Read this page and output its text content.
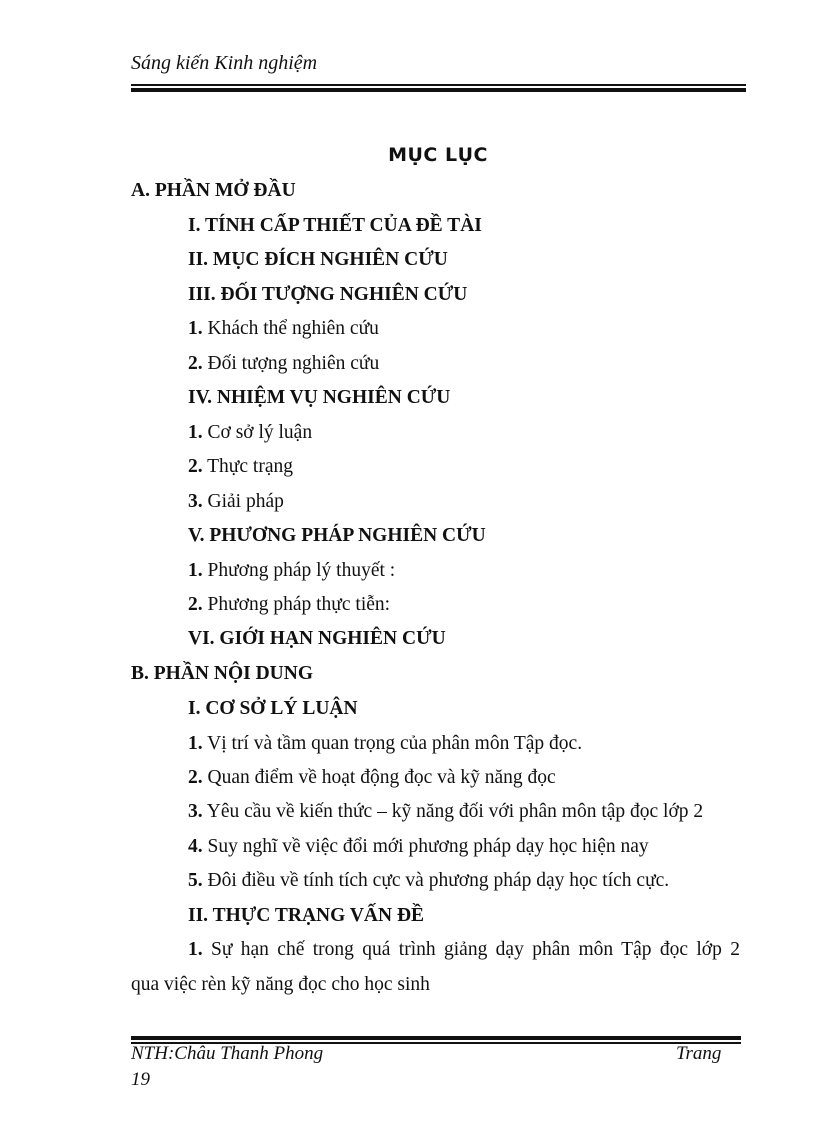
Sáng kiến Kinh nghiệm
MỤC LỤC
A. PHẦN MỞ ĐẦU
I. TÍNH CẤP THIẾT CỦA ĐỀ TÀI
II. MỤC ĐÍCH NGHIÊN CỨU
III. ĐỐI TƯỢNG NGHIÊN CỨU
1. Khách thể nghiên cứu
2. Đối tượng nghiên cứu
IV. NHIỆM VỤ NGHIÊN CỨU
1. Cơ sở lý luận
2. Thực trạng
3. Giải pháp
V. PHƯƠNG PHÁP NGHIÊN CỨU
1. Phương pháp lý thuyết :
2. Phương pháp thực tiễn:
VI. GIỚI HẠN NGHIÊN CỨU
B. PHẦN NỘI DUNG
I. CƠ SỞ LÝ LUẬN
1. Vị trí và tầm quan trọng của phân môn Tập đọc.
2. Quan điểm về hoạt động đọc và kỹ năng đọc
3. Yêu cầu về kiến thức – kỹ năng đối với phân môn tập đọc lớp 2
4. Suy nghĩ về việc đổi mới phương pháp dạy học hiện nay
5. Đôi điều về tính tích cực và phương pháp dạy học tích cực.
II. THỰC TRẠNG VẤN ĐỀ
1. Sự hạn chế trong quá trình giảng dạy phân môn Tập đọc lớp 2
qua việc rèn kỹ năng đọc cho học sinh
NTH:Châu Thanh Phong	Trang
19
